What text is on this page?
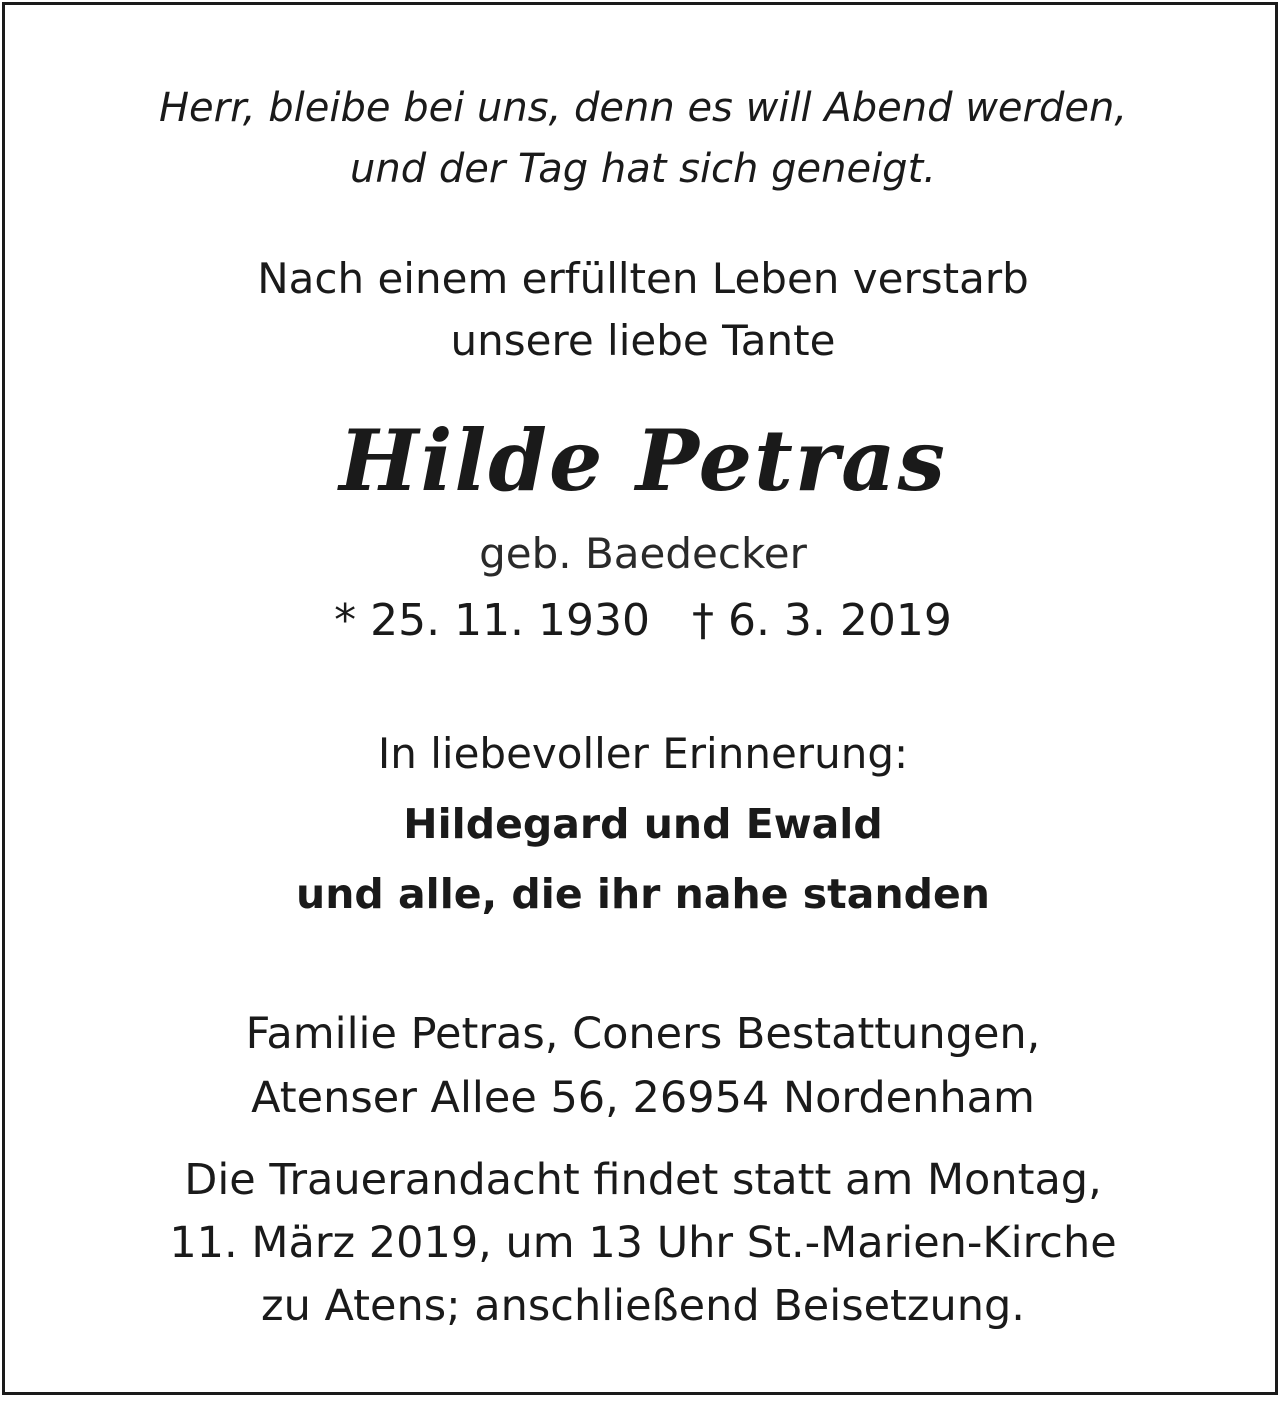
Herr, bleibe bei uns, denn es will Abend werden,
und der Tag hat sich geneigt.
Nach einem erfüllten Leben verstarb
unsere liebe Tante
Hilde Petras
geb. Baedecker
* 25. 11. 1930   † 6. 3. 2019
In liebevoller Erinnerung:
Hildegard und Ewald
und alle, die ihr nahe standen
Familie Petras, Coners Bestattungen,
Atenser Allee 56, 26954 Nordenham
Die Trauerandacht findet statt am Montag,
11. März 2019, um 13 Uhr St.-Marien-Kirche
zu Atens; anschließend Beisetzung.
